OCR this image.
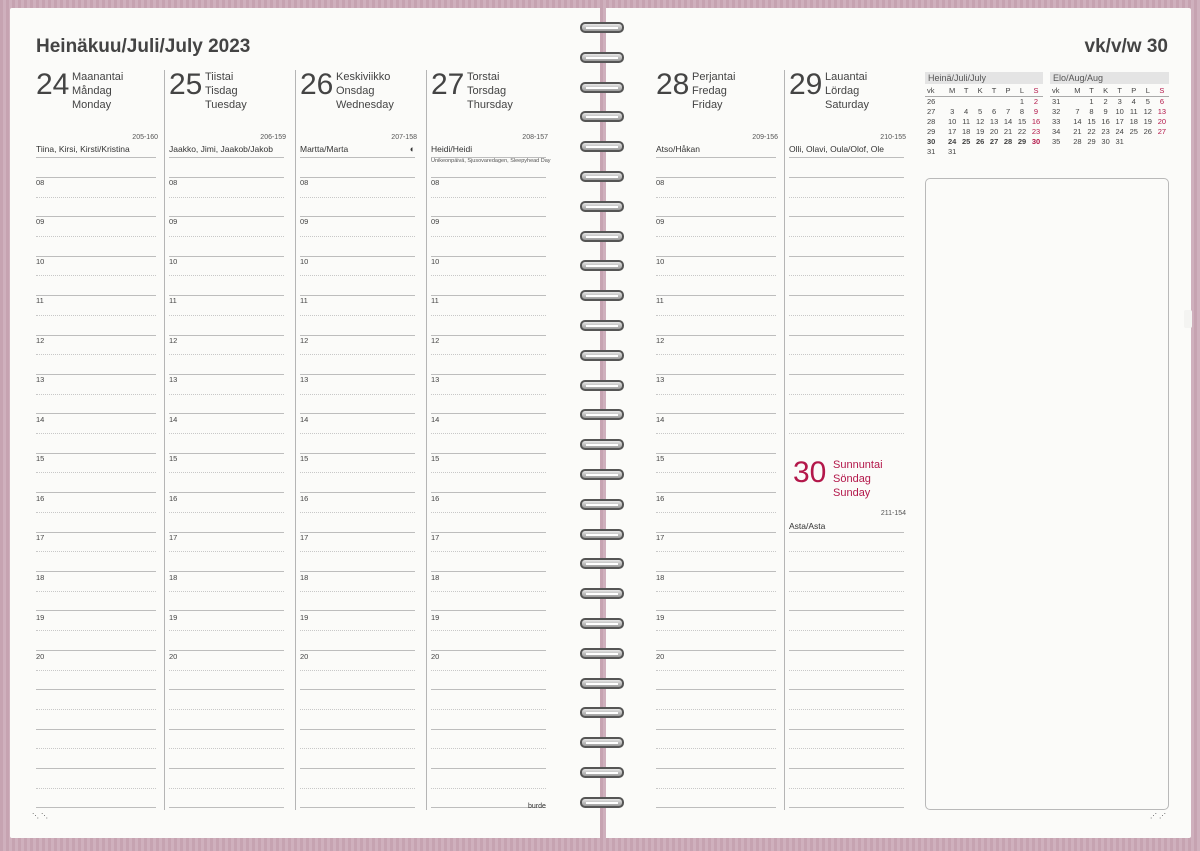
Heinäkuu/Juli/July 2023	vk/v/w 30
24 Maanantai
Måndag
Monday
205-160
Tiina, Kirsi, Kirsti/Kristina
08
09
10
11
12
13
14
15
16
17
18
19
20
25 Tiistai
Tisdag
Tuesday
206-159
Jaakko, Jimi, Jaakob/Jakob
08
09
10
11
12
13
14
15
16
17
18
19
20
26 Keskiviikko
Onsdag
Wednesday
207-158
Martta/Marta	◐
08
09
10
11
12
13
14
15
16
17
18
19
20
27 Torstai
Torsdag
Thursday
208-157
Heidi/Heidi
Unikeonpäivä, Sjusovaredagen, Sleepyhead Day
08
09
10
11
12
13
14
15
16
17
18
19
20
28 Perjantai
Fredag
Friday
209-156
Atso/Håkan
08
09
10
11
12
13
14
15
16
17
18
19
20
29 Lauantai
Lördag
Saturday
210-155
Olli, Olavi, Oula/Olof, Ole
30 Sunnuntai
Söndag
Sunday
211-154
Asta/Asta
Heinä/Juli/July
vk	M	T	K	T	P	L	S
26						1	2
27	3	4	5	6	7	8	9
28	10	11	12	13	14	15	16
29	17	18	19	20	21	22	23
30	24	25	26	27	28	29	30
31	31						
Elo/Aug/Aug
vk	M	T	K	T	P	L	S
31		1	2	3	4	5	6
32	7	8	9	10	11	12	13
33	14	15	16	17	18	19	20
34	21	22	23	24	25	26	27
35	28	29	30	31			
burde
⋱⋱	⋰⋰
